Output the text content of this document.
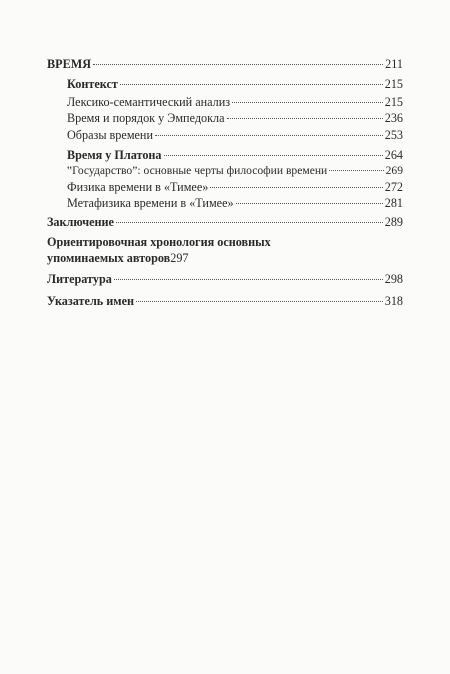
ВРЕМЯ	211
Контекст	215
Лексико-семантический анализ	215
Время и порядок у Эмпедокла	236
Образы времени	253
Время у Платона	264
‟Государство”: основные черты философии времени	269
Физика времени в «Тимее»	272
Метафизика времени в «Тимее»	281
Заключение	289
Ориентировочная хронология основных
упоминаемых авторов 297
Литература	298
Указатель имен	318
